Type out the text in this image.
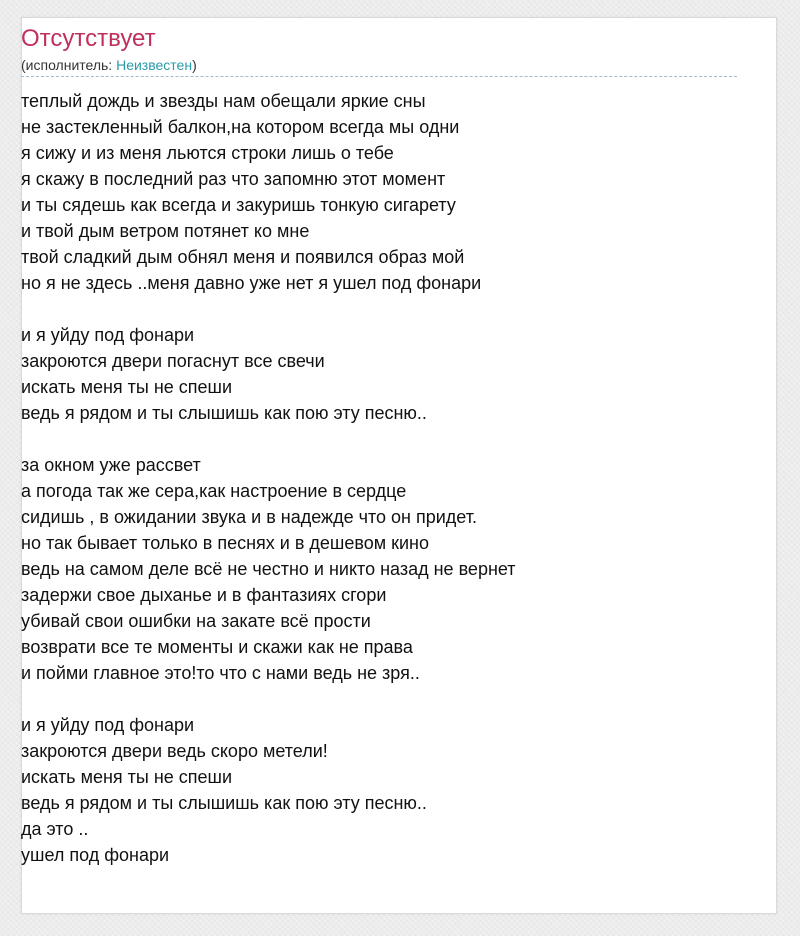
Отсутствует
(исполнитель: Неизвестен)
теплый дождь и звезды нам обещали яркие сны
не застекленный балкон,на котором всегда мы одни
я сижу и из меня льются строки лишь о тебе
я скажу в последний раз что запомню этот момент
и ты сядешь как всегда и закуришь тонкую сигарету
и твой дым ветром потянет ко мне
твой сладкий дым обнял меня и появился образ мой
но я не здесь ..меня давно уже нет я ушел под фонари
и я уйду под фонари
закроются двери погаснут все свечи
искать меня ты не спеши
ведь я рядом и ты слышишь как пою эту песню..
за окном уже рассвет
а погода так же сера,как настроение в сердце
сидишь , в ожидании звука и в надежде что он придет.
но так бывает только в песнях и в дешевом кино
ведь на самом деле всё не честно и никто назад не вернет
задержи свое дыханье и в фантазиях сгори
убивай свои ошибки на закате всё прости
возврати все те моменты и скажи как не права
и пойми главное это!то что с нами ведь не зря..
и я уйду под фонари
закроются двери ведь скоро метели!
искать меня ты не спеши
ведь я рядом и ты слышишь как пою эту песню..
да это ..
ушел под фонари
